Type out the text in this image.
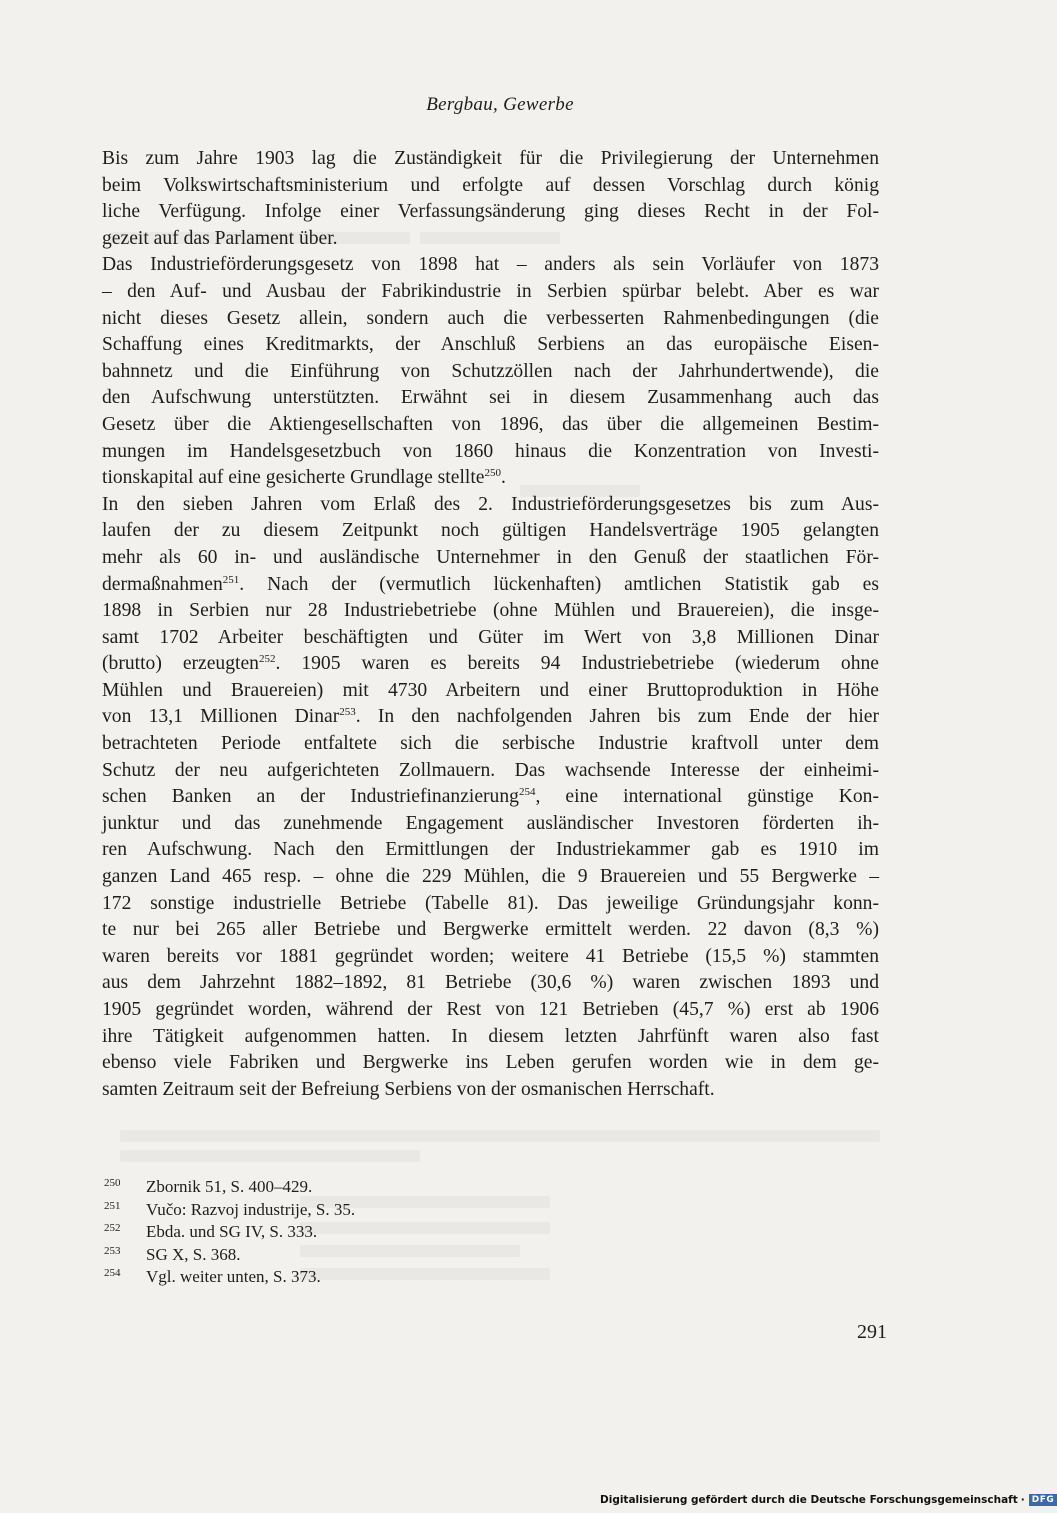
Bergbau, Gewerbe
Bis zum Jahre 1903 lag die Zuständigkeit für die Privilegierung der Unternehmen
beim Volkswirtschaftsministerium und erfolgte auf dessen Vorschlag durch könig
liche Verfügung. Infolge einer Verfassungsänderung ging dieses Recht in der Fol-
gezeit auf das Parlament über.
Das Industrieförderungsgesetz von 1898 hat – anders als sein Vorläufer von 1873
– den Auf- und Ausbau der Fabrikindustrie in Serbien spürbar belebt. Aber es war
nicht dieses Gesetz allein, sondern auch die verbesserten Rahmenbedingungen (die
Schaffung eines Kreditmarkts, der Anschluß Serbiens an das europäische Eisen-
bahnnetz und die Einführung von Schutzzöllen nach der Jahrhundertwende), die
den Aufschwung unterstützten. Erwähnt sei in diesem Zusammenhang auch das
Gesetz über die Aktiengesellschaften von 1896, das über die allgemeinen Bestim-
mungen im Handelsgesetzbuch von 1860 hinaus die Konzentration von Investi-
tionskapital auf eine gesicherte Grundlage stellte$^{250}$.
In den sieben Jahren vom Erlaß des 2. Industrieförderungsgesetzes bis zum Aus-
laufen der zu diesem Zeitpunkt noch gültigen Handelsverträge 1905 gelangten
mehr als 60 in- und ausländische Unternehmer in den Genuß der staatlichen För-
dermaßnahmen$^{251}$. Nach der (vermutlich lückenhaften) amtlichen Statistik gab es
1898 in Serbien nur 28 Industriebetriebe (ohne Mühlen und Brauereien), die insge-
samt 1702 Arbeiter beschäftigten und Güter im Wert von 3,8 Millionen Dinar
(brutto) erzeugten$^{252}$. 1905 waren es bereits 94 Industriebetriebe (wiederum ohne
Mühlen und Brauereien) mit 4730 Arbeitern und einer Bruttoproduktion in Höhe
von 13,1 Millionen Dinar$^{253}$. In den nachfolgenden Jahren bis zum Ende der hier
betrachteten Periode entfaltete sich die serbische Industrie kraftvoll unter dem
Schutz der neu aufgerichteten Zollmauern. Das wachsende Interesse der einheimi-
schen Banken an der Industriefinanzierung$^{254}$, eine international günstige Kon-
junktur und das zunehmende Engagement ausländischer Investoren förderten ih-
ren Aufschwung. Nach den Ermittlungen der Industriekammer gab es 1910 im
ganzen Land 465 resp. – ohne die 229 Mühlen, die 9 Brauereien und 55 Bergwerke –
172 sonstige industrielle Betriebe (Tabelle 81). Das jeweilige Gründungsjahr konn-
te nur bei 265 aller Betriebe und Bergwerke ermittelt werden. 22 davon (8,3 %)
waren bereits vor 1881 gegründet worden; weitere 41 Betriebe (15,5 %) stammten
aus dem Jahrzehnt 1882–1892, 81 Betriebe (30,6 %) waren zwischen 1893 und
1905 gegründet worden, während der Rest von 121 Betrieben (45,7 %) erst ab 1906
ihre Tätigkeit aufgenommen hatten. In diesem letzten Jahrfünft waren also fast
ebenso viele Fabriken und Bergwerke ins Leben gerufen worden wie in dem ge-
samten Zeitraum seit der Befreiung Serbiens von der osmanischen Herrschaft.
250	Zbornik 51, S. 400–429.
251	Vučo: Razvoj industrije, S. 35.
252	Ebda. und SG IV, S. 333.
253	SG X, S. 368.
254	Vgl. weiter unten, S. 373.
291
Digitalisierung gefördert durch die Deutsche Forschungsgemeinschaft · DFG
